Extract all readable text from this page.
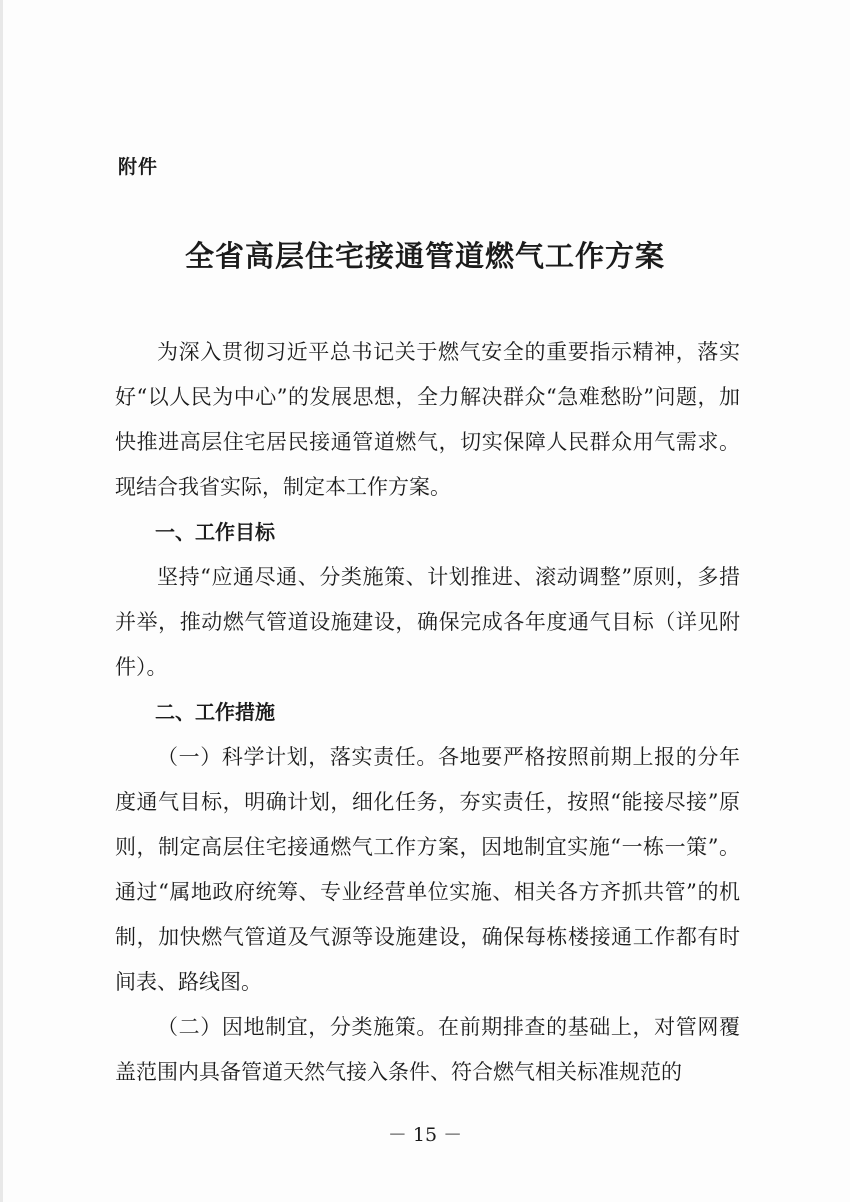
附件
全省高层住宅接通管道燃气工作方案

为深入贯彻习近平总书记关于燃气安全的重要指示精神，落实好“以人民为中心”的发展思想，全力解决群众“急难愁盼”问题，加快推进高层住宅居民接通管道燃气，切实保障人民群众用气需求。现结合我省实际，制定本工作方案。

一、工作目标

坚持“应通尽通、分类施策、计划推进、滚动调整”原则，多措并举，推动燃气管道设施建设，确保完成各年度通气目标（详见附件）。

二、工作措施

（一）科学计划，落实责任。各地要严格按照前期上报的分年度通气目标，明确计划，细化任务，夯实责任，按照“能接尽接”原则，制定高层住宅接通燃气工作方案，因地制宜实施“一栋一策”。通过“属地政府统筹、专业经营单位实施、相关各方齐抓共管”的机制，加快燃气管道及气源等设施建设，确保每栋楼接通工作都有时间表、路线图。

（二）因地制宜，分类施策。在前期排查的基础上，对管网覆盖范围内具备管道天然气接入条件、符合燃气相关标准规范的

－ 15 －
